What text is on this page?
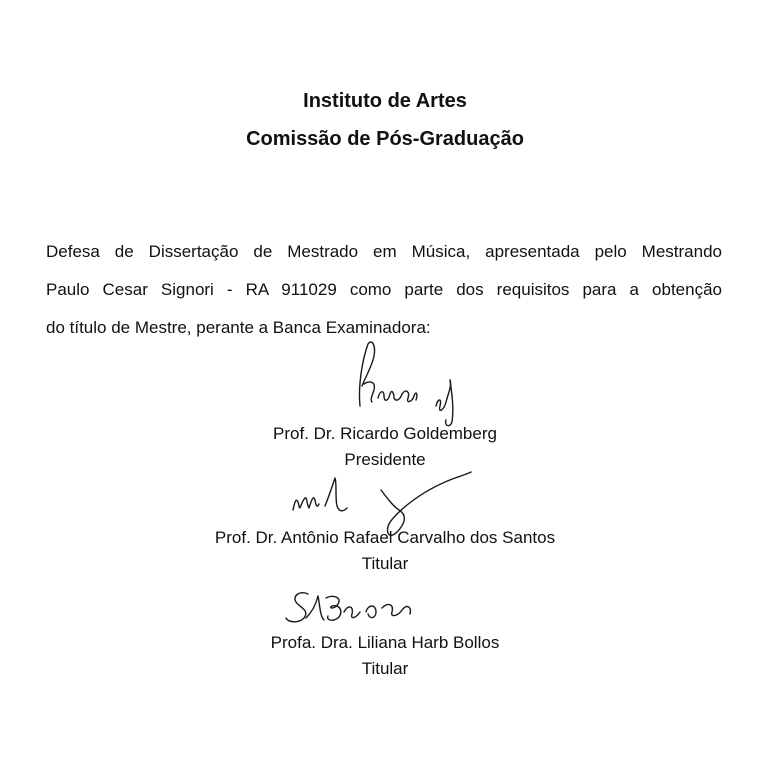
Instituto de Artes
Comissão de Pós-Graduação
Defesa de Dissertação de Mestrado em Música, apresentada pelo Mestrando
Paulo Cesar Signori - RA 911029 como parte dos requisitos para a obtenção
do título de Mestre, perante a Banca Examinadora:
Prof. Dr. Ricardo Goldemberg
Presidente
Prof. Dr. Antônio Rafael Carvalho dos Santos
Titular
Profa. Dra. Liliana Harb Bollos
Titular
